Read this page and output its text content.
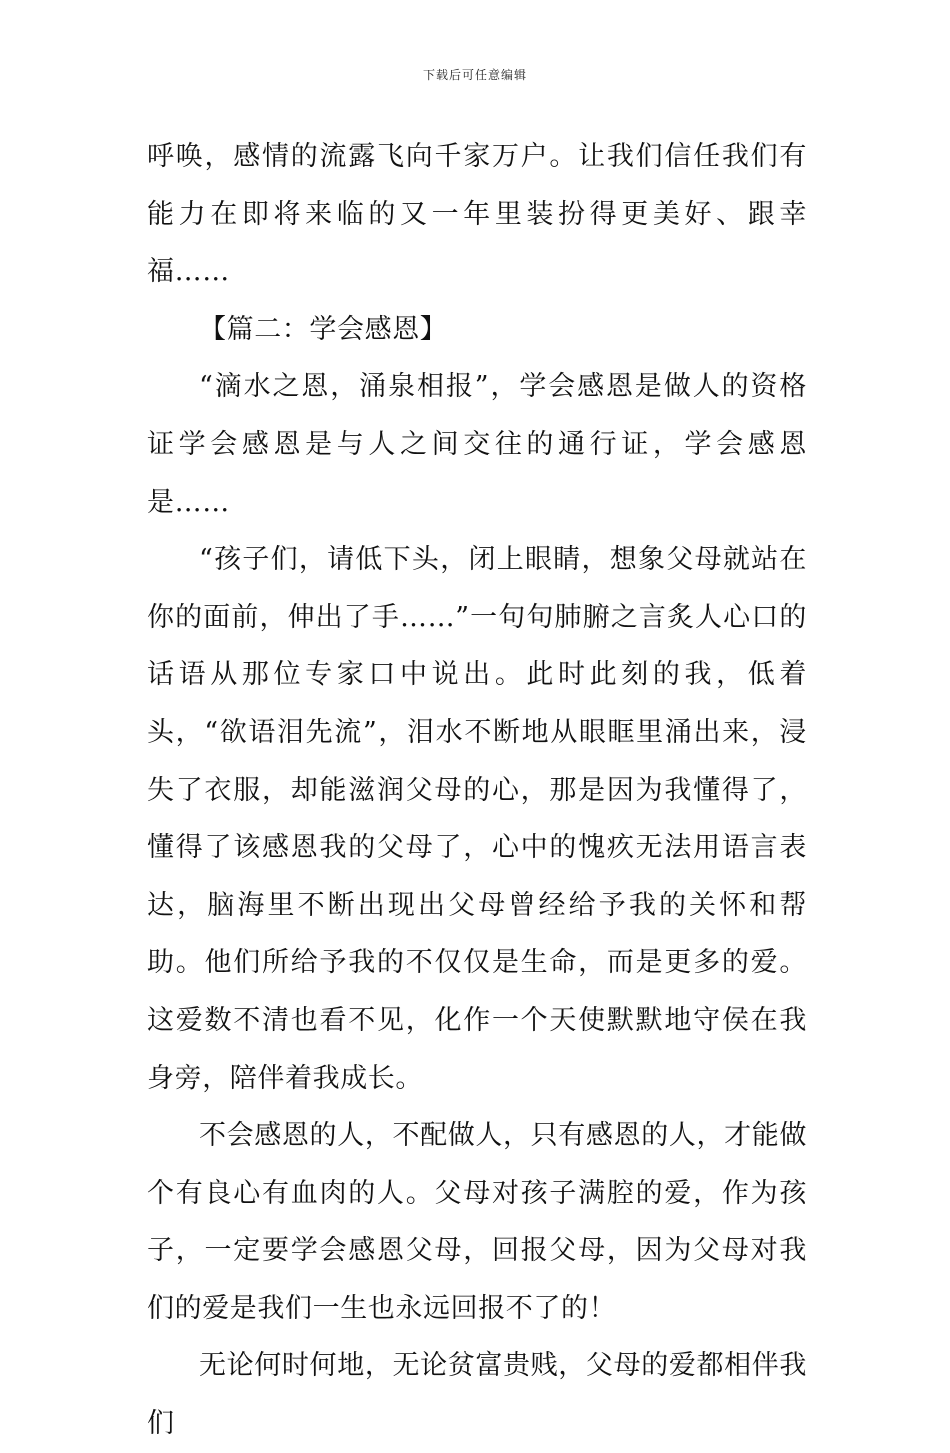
下载后可任意编辑

呼唤，感情的流露飞向千家万户。让我们信任我们有能力在即将来临的又一年里装扮得更美好、跟幸福……

【篇二：学会感恩】

“滴水之恩，涌泉相报”，学会感恩是做人的资格证学会感恩是与人之间交往的通行证，学会感恩是……

“孩子们，请低下头，闭上眼睛，想象父母就站在你的面前，伸出了手……”一句句肺腑之言炙人心口的话语从那位专家口中说出。此时此刻的我，低着头，“欲语泪先流”，泪水不断地从眼眶里涌出来，浸失了衣服，却能滋润父母的心，那是因为我懂得了，懂得了该感恩我的父母了，心中的愧疚无法用语言表达，脑海里不断出现出父母曾经给予我的关怀和帮助。他们所给予我的不仅仅是生命，而是更多的爱。这爱数不清也看不见，化作一个天使默默地守侯在我身旁，陪伴着我成长。

不会感恩的人，不配做人，只有感恩的人，才能做个有良心有血肉的人。父母对孩子满腔的爱，作为孩子，一定要学会感恩父母，回报父母，因为父母对我们的爱是我们一生也永远回报不了的！

无论何时何地，无论贫富贵贱，父母的爱都相伴我们
